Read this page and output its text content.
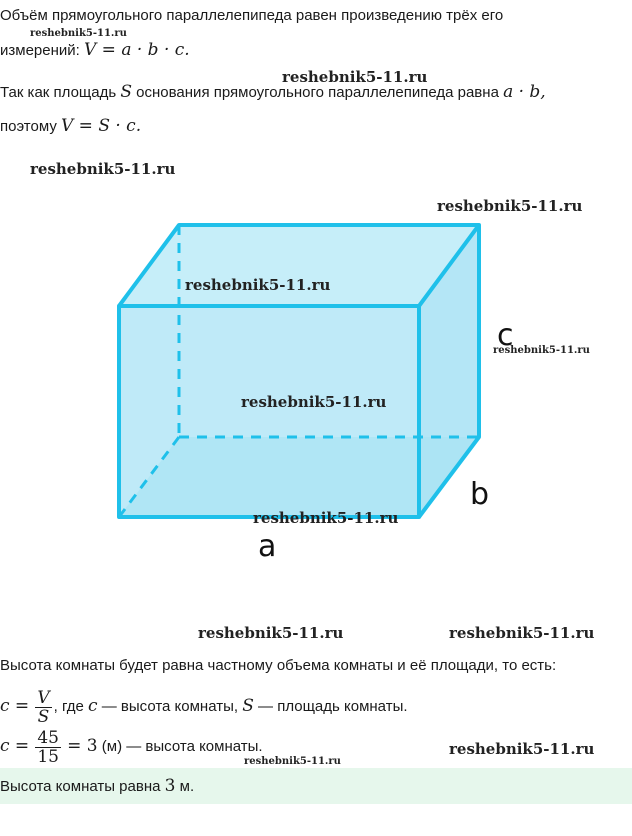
Объём прямоугольного параллелепипеда равен произведению трёх его
измерений: V = a · b · c.
Так как площадь S основания прямоугольного параллелепипеда равна a · b,
поэтому V = S · c.
c
b
a
Высота комнаты будет равна частному объема комнаты и её площади, то есть:
$c = \frac{V}{S}$ , где c — высота комнаты, S — площадь комнаты.
$c = \frac{45}{15} = 3$ (м) — высота комнаты.
Высота комнаты равна 3 м.
reshebnik5-11.ru
reshebnik5-11.ru
reshebnik5-11.ru
reshebnik5-11.ru
reshebnik5-11.ru
reshebnik5-11.ru
reshebnik5-11.ru
reshebnik5-11.ru
reshebnik5-11.ru	reshebnik5-11.ru
reshebnik5-11.ru
reshebnik5-11.ru
